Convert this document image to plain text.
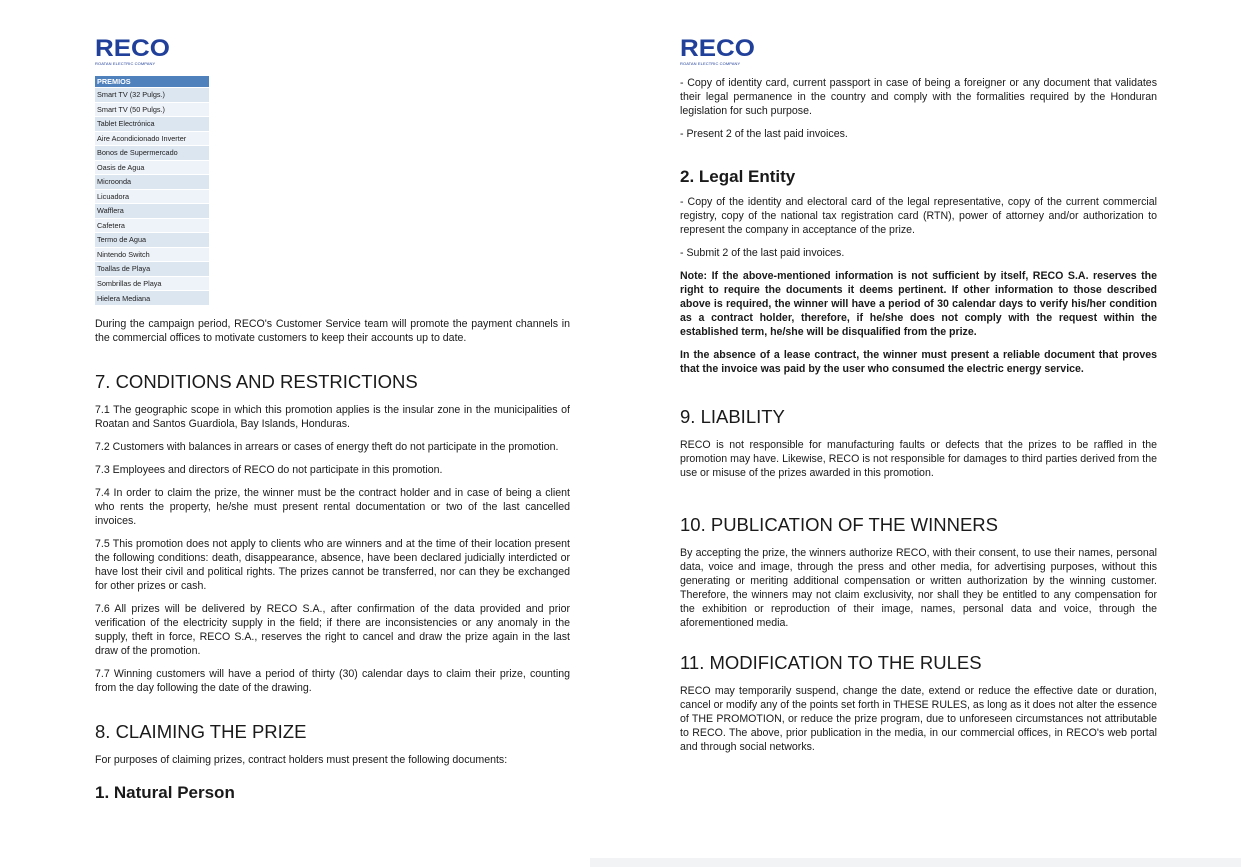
RECO
ROATAN ELECTRIC COMPANY
PREMIOS
Smart TV (32 Pulgs.)
Smart TV (50 Pulgs.)
Tablet Electrónica
Aire Acondicionado Inverter
Bonos de Supermercado
Oasis de Agua
Microonda
Licuadora
Wafflera
Cafetera
Termo de Agua
Nintendo Switch
Toallas de Playa
Sombrillas de Playa
Hielera Mediana

During the campaign period, RECO's Customer Service team will promote the payment channels in the commercial offices to motivate customers to keep their accounts up to date.

7. CONDITIONS AND RESTRICTIONS

7.1 The geographic scope in which this promotion applies is the insular zone in the municipalities of Roatan and Santos Guardiola, Bay Islands, Honduras.

7.2 Customers with balances in arrears or cases of energy theft do not participate in the promotion.

7.3 Employees and directors of RECO do not participate in this promotion.

7.4 In order to claim the prize, the winner must be the contract holder and in case of being a client who rents the property, he/she must present rental documentation or two of the last cancelled invoices.

7.5 This promotion does not apply to clients who are winners and at the time of their location present the following conditions: death, disappearance, absence, have been declared judicially interdicted or have lost their civil and political rights. The prizes cannot be transferred, nor can they be exchanged for other prizes or cash.

7.6 All prizes will be delivered by RECO S.A., after confirmation of the data provided and prior verification of the electricity supply in the field; if there are inconsistencies or any anomaly in the supply, theft in force, RECO S.A., reserves the right to cancel and draw the prize again in the last draw of the promotion.

7.7 Winning customers will have a period of thirty (30) calendar days to claim their prize, counting from the day following the date of the drawing.

8. CLAIMING THE PRIZE

For purposes of claiming prizes, contract holders must present the following documents:

1. Natural Person
RECO
ROATAN ELECTRIC COMPANY

- Copy of identity card, current passport in case of being a foreigner or any document that validates their legal permanence in the country and comply with the formalities required by the Honduran legislation for such purpose.

- Present 2 of the last paid invoices.

2. Legal Entity

- Copy of the identity and electoral card of the legal representative, copy of the current commercial registry, copy of the national tax registration card (RTN), power of attorney and/or authorization to represent the company in acceptance of the prize.

- Submit 2 of the last paid invoices.

Note: If the above-mentioned information is not sufficient by itself, RECO S.A. reserves the right to require the documents it deems pertinent. If other information to those described above is required, the winner will have a period of 30 calendar days to verify his/her condition as a contract holder, therefore, if he/she does not comply with the request within the established term, he/she will be disqualified from the prize.

In the absence of a lease contract, the winner must present a reliable document that proves that the invoice was paid by the user who consumed the electric energy service.

9. LIABILITY

RECO is not responsible for manufacturing faults or defects that the prizes to be raffled in the promotion may have. Likewise, RECO is not responsible for damages to third parties derived from the use or misuse of the prizes awarded in this promotion.

10. PUBLICATION OF THE WINNERS

By accepting the prize, the winners authorize RECO, with their consent, to use their names, personal data, voice and image, through the press and other media, for advertising purposes, without this generating or meriting additional compensation or written authorization by the winning customer. Therefore, the winners may not claim exclusivity, nor shall they be entitled to any compensation for the exhibition or reproduction of their image, names, personal data and voice, through the aforementioned media.

11. MODIFICATION TO THE RULES

RECO may temporarily suspend, change the date, extend or reduce the effective date or duration, cancel or modify any of the points set forth in THESE RULES, as long as it does not alter the essence of THE PROMOTION, or reduce the prize program, due to unforeseen circumstances not attributable to RECO. The above, prior publication in the media, in our commercial offices, in RECO's web portal and through social networks.
